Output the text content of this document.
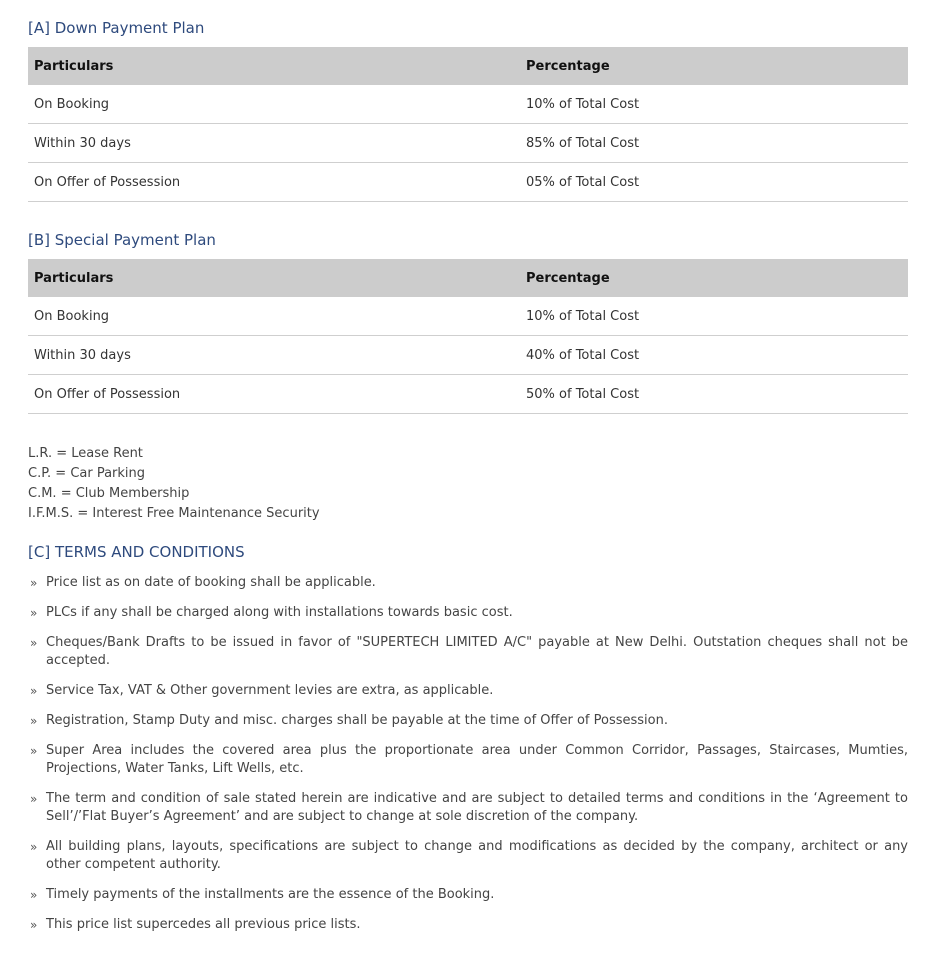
[A] Down Payment Plan
Particulars	Percentage
On Booking	10% of Total Cost
Within 30 days	85% of Total Cost
On Offer of Possession	05% of Total Cost
[B] Special Payment Plan
Particulars	Percentage
On Booking	10% of Total Cost
Within 30 days	40% of Total Cost
On Offer of Possession	50% of Total Cost
L.R. = Lease Rent
C.P. = Car Parking
C.M. = Club Membership
I.F.M.S. = Interest Free Maintenance Security
[C] TERMS AND CONDITIONS
» Price list as on date of booking shall be applicable.
» PLCs if any shall be charged along with installations towards basic cost.
» Cheques/Bank Drafts to be issued in favor of "SUPERTECH LIMITED A/C" payable at New Delhi. Outstation cheques shall not be accepted.
» Service Tax, VAT & Other government levies are extra, as applicable.
» Registration, Stamp Duty and misc. charges shall be payable at the time of Offer of Possession.
» Super Area includes the covered area plus the proportionate area under Common Corridor, Passages, Staircases, Mumties, Projections, Water Tanks, Lift Wells, etc.
» The term and condition of sale stated herein are indicative and are subject to detailed terms and conditions in the ‘Agreement to Sell’/’Flat Buyer’s Agreement’ and are subject to change at sole discretion of the company.
» All building plans, layouts, specifications are subject to change and modifications as decided by the company, architect or any other competent authority.
» Timely payments of the installments are the essence of the Booking.
» This price list supercedes all previous price lists.
